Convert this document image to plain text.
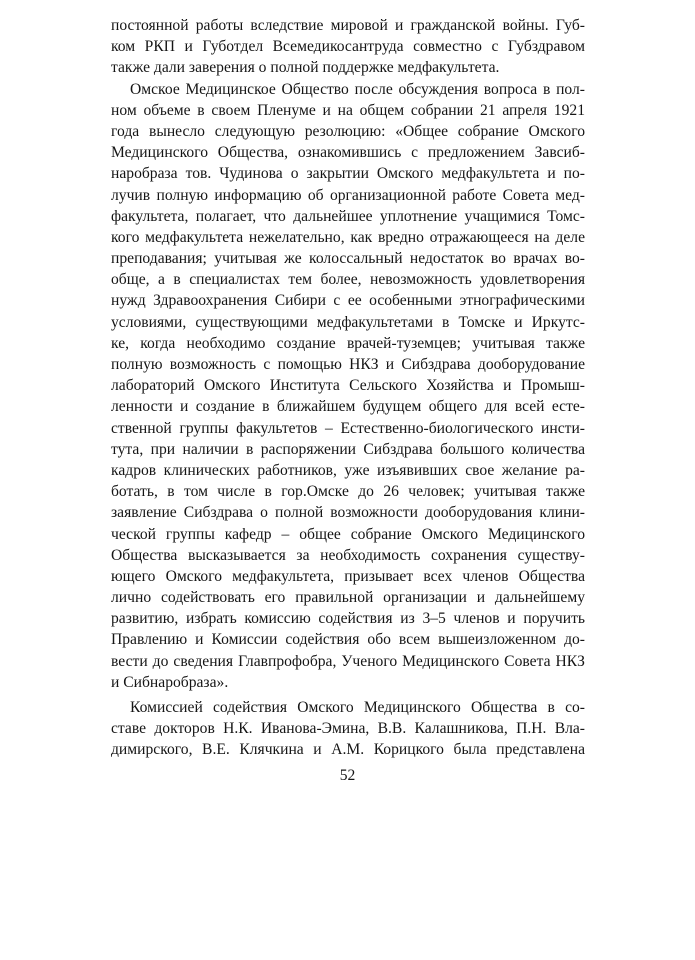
постоянной работы вследствие мировой и гражданской войны. Губ-
ком РКП и Губотдел Всемедикосантруда совместно с Губздравом
также дали заверения о полной поддержке медфакультета.
Омское Медицинское Общество после обсуждения вопроса в пол-
ном объеме в своем Пленуме и на общем собрании 21 апреля 1921
года вынесло следующую резолюцию: «Общее собрание Омского
Медицинского Общества, ознакомившись с предложением Завсиб-
наробраза тов. Чудинова о закрытии Омского медфакультета и по-
лучив полную информацию об организационной работе Совета мед-
факультета, полагает, что дальнейшее уплотнение учащимися Томс-
кого медфакультета нежелательно, как вредно отражающееся на деле
преподавания; учитывая же колоссальный недостаток во врачах во-
обще, а в специалистах тем более, невозможность удовлетворения
нужд Здравоохранения Сибири с ее особенными этнографическими
условиями, существующими медфакультетами в Томске и Иркутс-
ке, когда необходимо создание врачей-туземцев; учитывая также
полную возможность с помощью НКЗ и Сибздрава дооборудование
лабораторий Омского Института Сельского Хозяйства и Промыш-
ленности и создание в ближайшем будущем общего для всей есте-
ственной группы факультетов – Естественно-биологического инсти-
тута, при наличии в распоряжении Сибздрава большого количества
кадров клинических работников, уже изъявивших свое желание ра-
ботать, в том числе в гор.Омске до 26 человек; учитывая также
заявление Сибздрава о полной возможности дооборудования клини-
ческой группы кафедр – общее собрание Омского Медицинского
Общества высказывается за необходимость сохранения существу-
ющего Омского медфакультета, призывает всех членов Общества
лично содействовать его правильной организации и дальнейшему
развитию, избрать комиссию содействия из 3–5 членов и поручить
Правлению и Комиссии содействия обо всем вышеизложенном до-
вести до сведения Главпрофобра, Ученого Медицинского Совета НКЗ
и Сибнаробраза».
Комиссией содействия Омского Медицинского Общества в со-
ставе докторов Н.К. Иванова-Эмина, В.В. Калашникова, П.Н. Вла-
димирского, В.Е. Клячкина и А.М. Корицкого была представлена
52
